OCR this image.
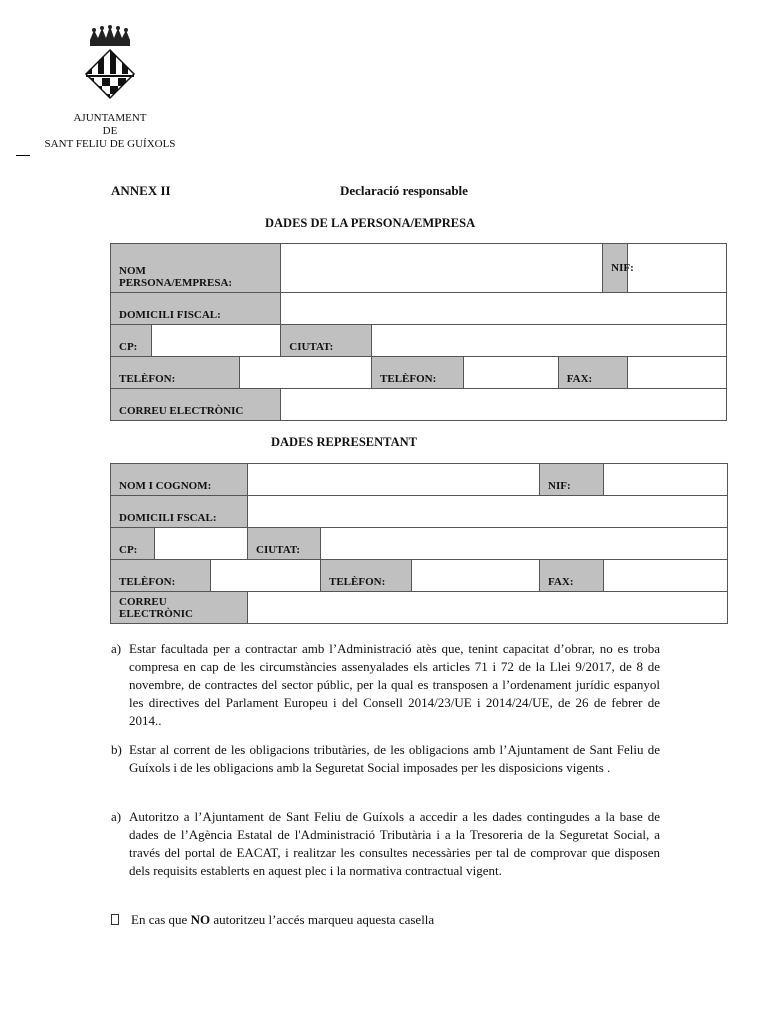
AJUNTAMENT
DE
SANT FELIU DE GUÍXOLS
ANNEX II	Declaració responsable
DADES DE LA PERSONA/EMPRESA
NOM
PERSONA/EMPRESA:							NIF:	
DOMICILI FISCAL:								
CP:			CIUTAT:					
TELÈFON:				TELÈFON:		FAX:		
CORREU ELECTRÒNIC								
DADES REPRESENTANT
NOM I COGNOM:						NIF:	
DOMICILI FSCAL:							
CP:			CIUTAT:				
TELÈFON:				TELÈFON:		FAX:	
CORREU ELECTRÒNIC							
a) Estar facultada per a contractar amb l’Administració atès que, tenint capacitat d’obrar, no es troba compresa en cap de les circumstàncies assenyalades els articles 71 i 72 de la Llei 9/2017, de 8 de novembre, de contractes del sector públic, per la qual es transposen a l’ordenament jurídic espanyol les directives del Parlament Europeu i del Consell 2014/23/UE i 2014/24/UE, de 26 de febrer de 2014..
b) Estar al corrent de les obligacions tributàries, de les obligacions amb l’Ajuntament de Sant Feliu de Guíxols i de les obligacions amb la Seguretat Social imposades per les disposicions vigents .
a) Autoritzo a l’Ajuntament de Sant Feliu de Guíxols a accedir a les dades contingudes a la base de dades de l’Agència Estatal de l'Administració Tributària i a la Tresoreria de la Seguretat Social, a través del portal de EACAT, i realitzar les consultes necessàries per tal de comprovar que disposen dels requisits establerts en aquest plec i la normativa contractual vigent.
En cas que NO autoritzeu l’accés marqueu aquesta casella
